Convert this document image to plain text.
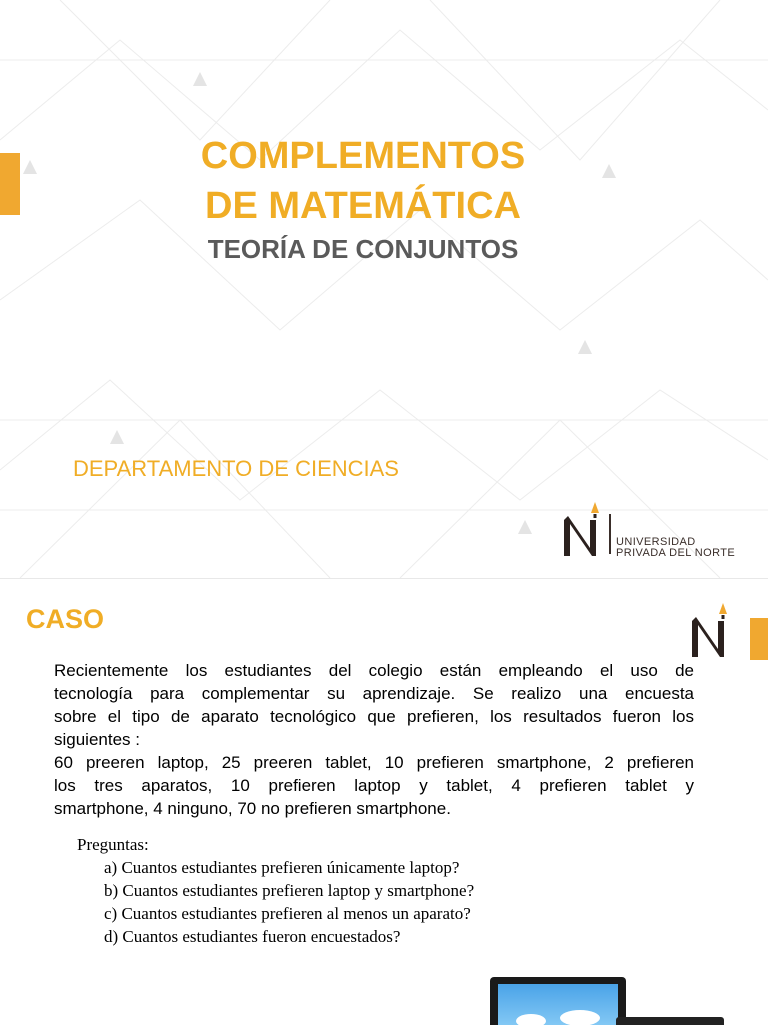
COMPLEMENTOS
DE MATEMÁTICA
TEORÍA DE CONJUNTOS
DEPARTAMENTO DE CIENCIAS
UNIVERSIDAD
PRIVADA DEL NORTE
CASO
Recientemente los estudiantes del colegio están empleando el uso de
tecnología para complementar su aprendizaje. Se realizo una encuesta
sobre el tipo de aparato tecnológico que prefieren, los resultados fueron los
siguientes :
60 preeren laptop, 25 preeren tablet, 10 prefieren smartphone, 2 prefieren
los tres aparatos, 10 prefieren laptop y tablet, 4 prefieren tablet y
smartphone, 4 ninguno, 70 no prefieren smartphone.
Preguntas:
a) Cuantos estudiantes prefieren únicamente laptop?
b) Cuantos estudiantes prefieren laptop y smartphone?
c) Cuantos estudiantes prefieren al menos un aparato?
d) Cuantos estudiantes fueron encuestados?
